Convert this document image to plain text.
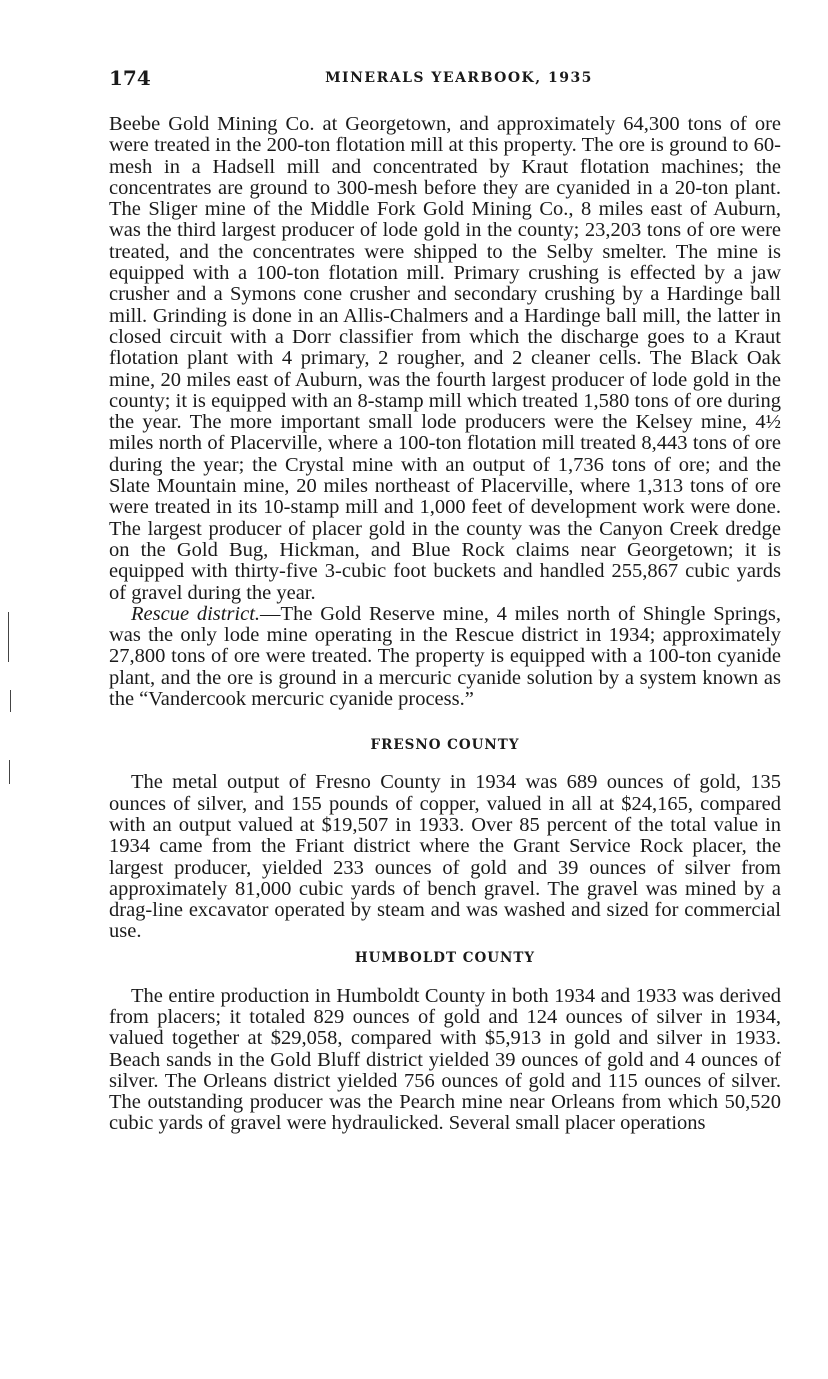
174	MINERALS YEARBOOK, 1935

Beebe Gold Mining Co. at Georgetown, and approximately 64,300 tons of ore were treated in the 200-ton flotation mill at this property. The ore is ground to 60-mesh in a Hadsell mill and concentrated by Kraut flotation machines; the concentrates are ground to 300-mesh before they are cyanided in a 20-ton plant. The Sliger mine of the Middle Fork Gold Mining Co., 8 miles east of Auburn, was the third largest producer of lode gold in the county; 23,203 tons of ore were treated, and the concentrates were shipped to the Selby smelter. The mine is equipped with a 100-ton flotation mill. Primary crushing is effected by a jaw crusher and a Symons cone crusher and secondary crushing by a Hardinge ball mill. Grinding is done in an Allis-Chalmers and a Hardinge ball mill, the latter in closed circuit with a Dorr classifier from which the discharge goes to a Kraut flotation plant with 4 primary, 2 rougher, and 2 cleaner cells. The Black Oak mine, 20 miles east of Auburn, was the fourth largest producer of lode gold in the county; it is equipped with an 8-stamp mill which treated 1,580 tons of ore during the year. The more important small lode producers were the Kelsey mine, 4½ miles north of Placerville, where a 100-ton flotation mill treated 8,443 tons of ore during the year; the Crystal mine with an output of 1,736 tons of ore; and the Slate Mountain mine, 20 miles northeast of Placerville, where 1,313 tons of ore were treated in its 10-stamp mill and 1,000 feet of development work were done. The largest producer of placer gold in the county was the Canyon Creek dredge on the Gold Bug, Hickman, and Blue Rock claims near Georgetown; it is equipped with thirty-five 3-cubic foot buckets and handled 255,867 cubic yards of gravel during the year.

Rescue district.—The Gold Reserve mine, 4 miles north of Shingle Springs, was the only lode mine operating in the Rescue district in 1934; approximately 27,800 tons of ore were treated. The property is equipped with a 100-ton cyanide plant, and the ore is ground in a mercuric cyanide solution by a system known as the “Vandercook mercuric cyanide process.”

FRESNO COUNTY

The metal output of Fresno County in 1934 was 689 ounces of gold, 135 ounces of silver, and 155 pounds of copper, valued in all at $24,165, compared with an output valued at $19,507 in 1933. Over 85 percent of the total value in 1934 came from the Friant district where the Grant Service Rock placer, the largest producer, yielded 233 ounces of gold and 39 ounces of silver from approximately 81,000 cubic yards of bench gravel. The gravel was mined by a drag-line excavator operated by steam and was washed and sized for commercial use.

HUMBOLDT COUNTY

The entire production in Humboldt County in both 1934 and 1933 was derived from placers; it totaled 829 ounces of gold and 124 ounces of silver in 1934, valued together at $29,058, compared with $5,913 in gold and silver in 1933. Beach sands in the Gold Bluff district yielded 39 ounces of gold and 4 ounces of silver. The Orleans district yielded 756 ounces of gold and 115 ounces of silver. The outstanding producer was the Pearch mine near Orleans from which 50,520 cubic yards of gravel were hydraulicked. Several small placer operations
